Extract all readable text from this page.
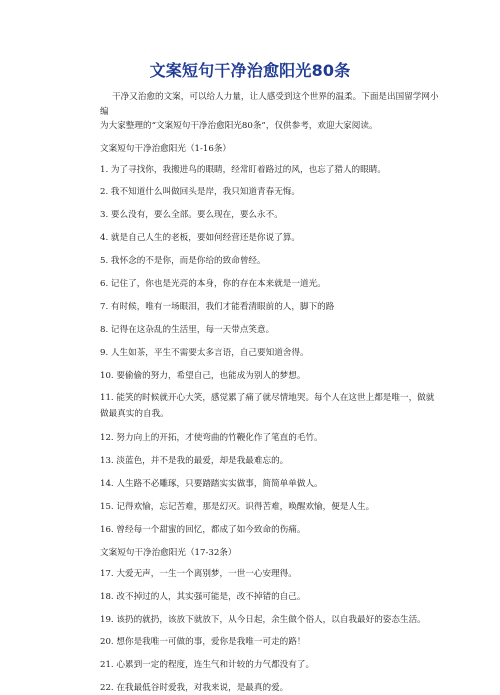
文案短句干净治愈阳光80条
干净又治愈的文案，可以给人力量，让人感受到这个世界的温柔。下面是出国留学网小编
为大家整理的“文案短句干净治愈阳光80条”，仅供参考，欢迎大家阅读。
文案短句干净治愈阳光（1-16条）
1. 为了寻找你，我搬进鸟的眼睛，经常盯着路过的风，也忘了猎人的眼睛。
2. 我不知道什么叫做回头是岸，我只知道青春无悔。
3. 要么没有，要么全部。要么现在，要么永不。
4. 就是自己人生的老板，要如何经营还是你说了算。
5. 我怀念的不是你，而是你给的致命曾经。
6. 记住了，你也是光亮的本身，你的存在本来就是一道光。
7. 有时候，唯有一场眼泪，我们才能看清眼前的人，脚下的路
8. 记得在这杂乱的生活里，每一天带点笑意。
9. 人生如茶，平生不需要太多言语，自己要知道舍得。
10. 要偷偷的努力，希望自己，也能成为别人的梦想。
11. 能笑的时候就开心大笑，感觉累了痛了就尽情地哭。每个人在这世上都是唯一，做就做最真实的自我。
12. 努力向上的开拓，才使弯曲的竹鞭化作了笔直的毛竹。
13. 淡蓝色，并不是我的最爱，却是我最难忘的。
14. 人生路不必雕琢，只要踏踏实实做事，简简单单做人。
15. 记得欢愉，忘记苦难，那是幻灭。识得苦难，唤醒欢愉，便是人生。
16. 曾经每一个甜蜜的回忆，都成了如今致命的伤痛。
文案短句干净治愈阳光（17-32条）
17. 大爱无声，一生一个离别梦，一世一心安理得。
18. 改不掉过的人，其实强可能是，改不掉错的自己。
19. 该扔的就扔，该放下就放下，从今日起，余生做个俗人，以自我最好的姿态生活。
20. 想你是我唯一可做的事，爱你是我唯一可走的路！
21. 心累到一定的程度，连生气和计较的力气都没有了。
22. 在我最低谷时爱我，对我来说，是最真的爱。
